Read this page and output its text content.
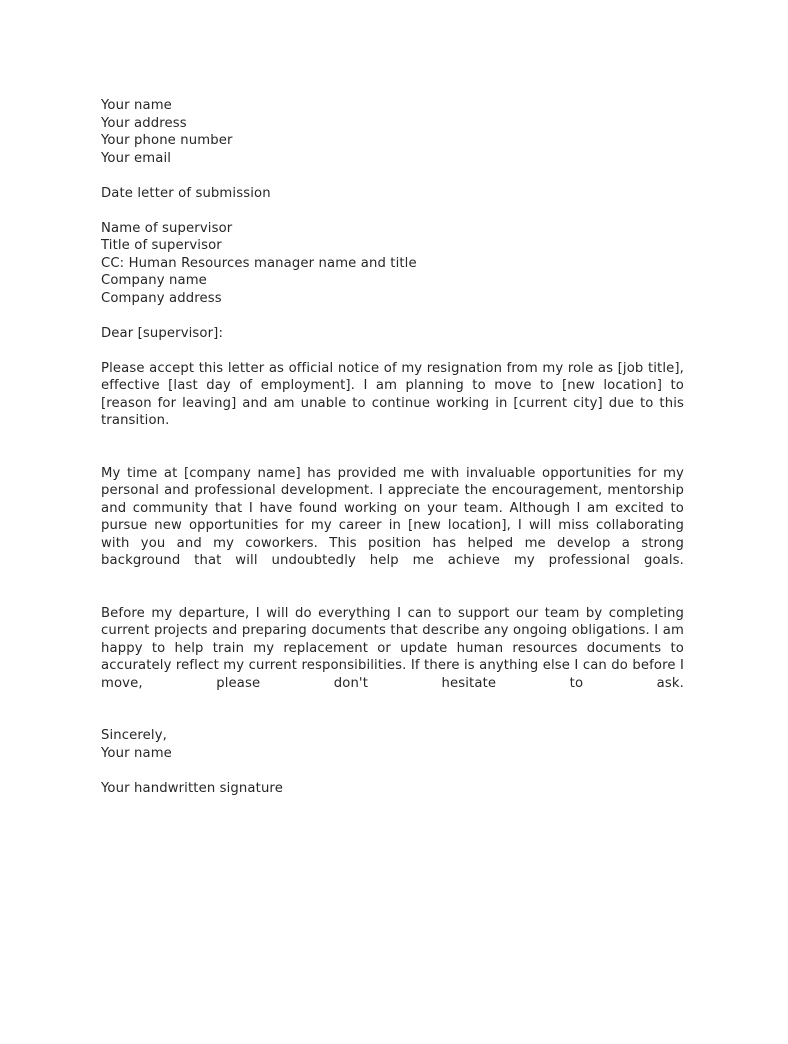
Your name
Your address
Your phone number
Your email
Date letter of submission
Name of supervisor
Title of supervisor
CC: Human Resources manager name and title
Company name
Company address
Dear [supervisor]:

Please accept this letter as official notice of my resignation from my role as [job title], effective [last day of employment]. I am planning to move to [new location] to [reason for leaving] and am unable to continue working in [current city] due to this transition.

My time at [company name] has provided me with invaluable opportunities for my personal and professional development. I appreciate the encouragement, mentorship and community that I have found working on your team. Although I am excited to pursue new opportunities for my career in [new location], I will miss collaborating with you and my coworkers. This position has helped me develop a strong background that will undoubtedly help me achieve my professional goals.

Before my departure, I will do everything I can to support our team by completing current projects and preparing documents that describe any ongoing obligations. I am happy to help train my replacement or update human resources documents to accurately reflect my current responsibilities. If there is anything else I can do before I move, please don't hesitate to ask.

Sincerely,
Your name
Your handwritten signature
